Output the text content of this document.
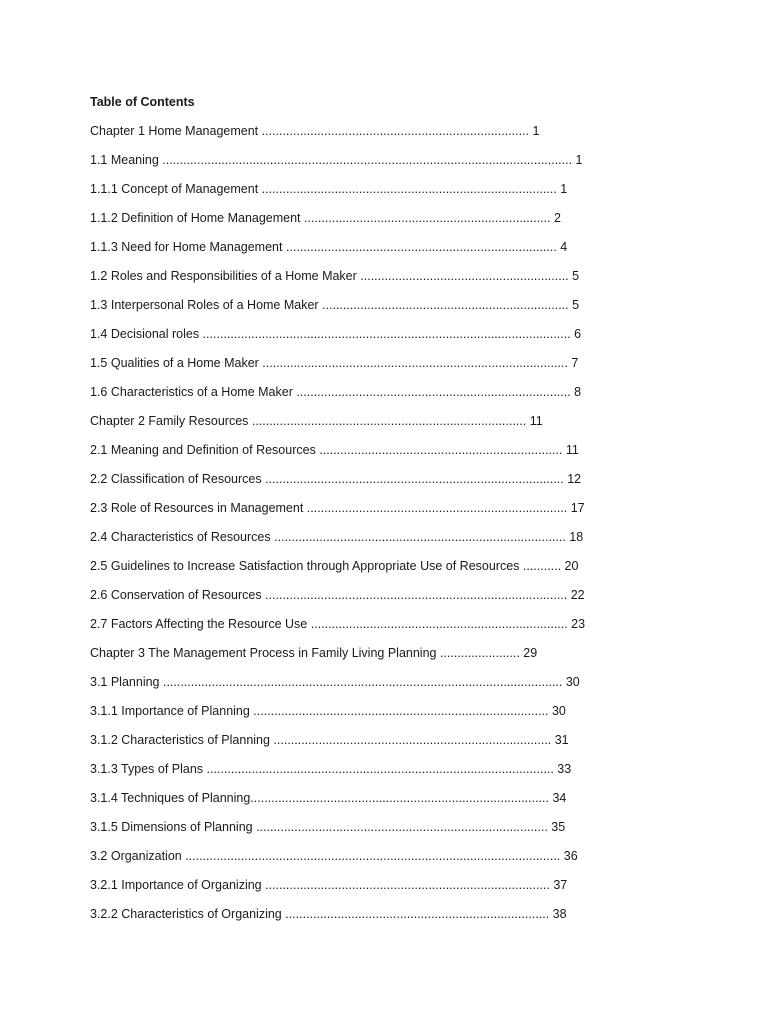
Table of Contents
Chapter 1 Home Management ............................................................................. 1
1.1 Meaning ...................................................................................................................... 1
1.1.1 Concept of Management ..................................................................................... 1
1.1.2 Definition of Home Management ....................................................................... 2
1.1.3 Need for Home Management .............................................................................. 4
1.2 Roles and Responsibilities of a Home Maker ............................................................ 5
1.3 Interpersonal Roles of a Home Maker ....................................................................... 5
1.4 Decisional roles .......................................................................................................... 6
1.5 Qualities of a Home Maker ........................................................................................ 7
1.6 Characteristics of a Home Maker ............................................................................... 8
Chapter 2 Family Resources ............................................................................... 11
2.1 Meaning and Definition of Resources ...................................................................... 11
2.2 Classification of Resources ...................................................................................... 12
2.3 Role of Resources in Management ........................................................................... 17
2.4 Characteristics of Resources .................................................................................... 18
2.5 Guidelines to Increase Satisfaction through Appropriate Use of Resources ........... 20
2.6 Conservation of Resources ....................................................................................... 22
2.7 Factors Affecting the Resource Use .......................................................................... 23
Chapter 3 The Management Process in Family Living Planning ....................... 29
3.1 Planning ................................................................................................................... 30
3.1.1 Importance of Planning ..................................................................................... 30
3.1.2 Characteristics of Planning ................................................................................ 31
3.1.3 Types of Plans .................................................................................................... 33
3.1.4 Techniques of Planning...................................................................................... 34
3.1.5 Dimensions of Planning .................................................................................... 35
3.2 Organization ............................................................................................................ 36
3.2.1 Importance of Organizing .................................................................................. 37
3.2.2 Characteristics of Organizing ............................................................................ 38
